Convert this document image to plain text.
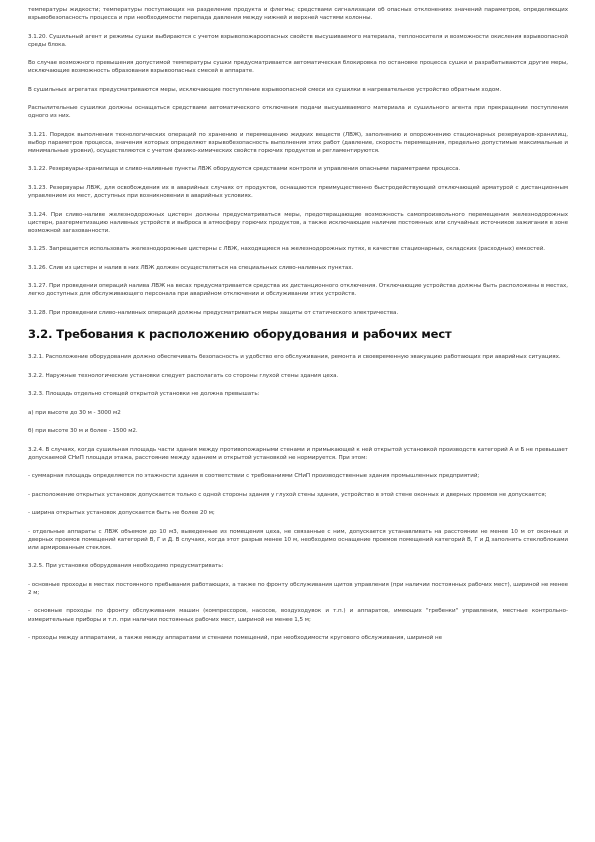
температуры жидкости; температуры поступающих на разделение продукта и флегмы; средствами сигнализации об опасных отклонениях значений параметров, определяющих взрывобезопасность процесса и при необходимости перепада давления между нижней и верхней частями колонны.

3.1.20. Сушильный агент и режимы сушки выбираются с учетом взрывопожароопасных свойств высушиваемого материала, теплоносителя и возможности окисления взрывоопасной среды блока.

Во случае возможного превышения допустимой температуры сушки предусматривается автоматическая блокировка по остановке процесса сушки и разрабатываются другие меры, исключающие возможность образования взрывоопасных смесей в аппарате.

В сушильных агрегатах предусматриваются меры, исключающие поступление взрывоопасной смеси из сушилки в нагревательное устройство обратным ходом.

Распылительные сушилки должны оснащаться средствами автоматического отключения подачи высушиваемого материала и сушильного агента при прекращении поступления одного из них.

3.1.21. Порядок выполнения технологических операций по хранению и перемещению жидких веществ (ЛВЖ), заполнению и опорожнению стационарных резервуаров-хранилищ, выбор параметров процесса, значения которых определяют взрывобезопасность выполнения этих работ (давление, скорость перемещения, предельно допустимые максимальные и минимальные уровни), осуществляются с учетом физико-химических свойств горючих продуктов и регламентируются.

3.1.22. Резервуары-хранилища и сливо-наливные пункты ЛВЖ оборудуются средствами контроля и управления опасными параметрами процесса.

3.1.23. Резервуары ЛВЖ, для освобождения их в аварийных случаях от продуктов, оснащаются преимущественно быстродействующей отключающей арматурой с дистанционным управлением из мест, доступных при возникновении в аварийных условиях.

3.1.24. При сливо-наливе железнодорожных цистерн должны предусматриваться меры, предотвращающие возможность самопроизвольного перемещения железнодорожных цистерн, разгерметизацию наливных устройств и выброса в атмосферу горючих продуктов, а также исключающие наличие постоянных или случайных источников зажигания в зоне возможной загазованности.

3.1.25. Запрещается использовать железнодорожные цистерны с ЛВЖ, находящиеся на железнодорожных путях, в качестве стационарных, складских (расходных) емкостей.

3.1.26. Слив из цистерн и налив в них ЛВЖ должен осуществляться на специальных сливо-наливных пунктах.

3.1.27. При проведении операций налива ЛВЖ на весах предусматривается средства их дистанционного отключения. Отключающие устройства должны быть расположены в местах, легко доступных для обслуживающего персонала при аварийном отключении и обслуживании этих устройств.

3.1.28. При проведении сливо-наливных операций должны предусматриваться меры защиты от статического электричества.

3.2. Требования к расположению оборудования и рабочих мест

3.2.1. Расположение оборудования должно обеспечивать безопасность и удобство его обслуживания, ремонта и своевременную эвакуацию работающих при аварийных ситуациях.

3.2.2. Наружные технологические установки следует располагать со стороны глухой стены здания цеха.

3.2.3. Площадь отдельно стоящей открытой установки не должна превышать:

а) при высоте до 30 м - 3000 м2

б) при высоте 30 м и более - 1500 м2.

3.2.4. В случаях, когда сушильная площадь части здания между противопожарными стенами и примыкающей к ней открытой установкой производств категорий А и Б не превышает допускаемой СНиП площади этажа, расстояние между зданием и открытой установкой не нормируется. При этом:

- суммарная площадь определяется по этажности здания в соответствии с требованиями СНиП производственные здания промышленных предприятий;

- расположение открытых установок допускается только с одной стороны здания у глухой стены здания, устройство в этой стене оконных и дверных проемов не допускается;

- ширина открытых установок допускается быть не более 20 м;

- отдельные аппараты с ЛВЖ объемом до 10 м3, выведенные из помещения цеха, не связанные с ним, допускается устанавливать на расстоянии не менее 10 м от оконных и дверных проемов помещений категорий В, Г и Д. В случаях, когда этот разрыв менее 10 м, необходимо оснащение проемов помещений категорий В, Г и Д заполнять стеклоблоками или армированным стеклом.

3.2.5. При установке оборудования необходимо предусматривать:

- основные проходы в местах постоянного пребывания работающих, а также по фронту обслуживания щитов управления (при наличии постоянных рабочих мест), шириной не менее 2 м;

- основные проходы по фронту обслуживания машин (компрессоров, насосов, воздуходувок и т.п.) и аппаратов, имеющих "гребенки" управления, местные контрольно-измерительные приборы и т.п. при наличии постоянных рабочих мест, шириной не менее 1,5 м;

- проходы между аппаратами, а также между аппаратами и стенами помещений, при необходимости кругового обслуживания, шириной не
